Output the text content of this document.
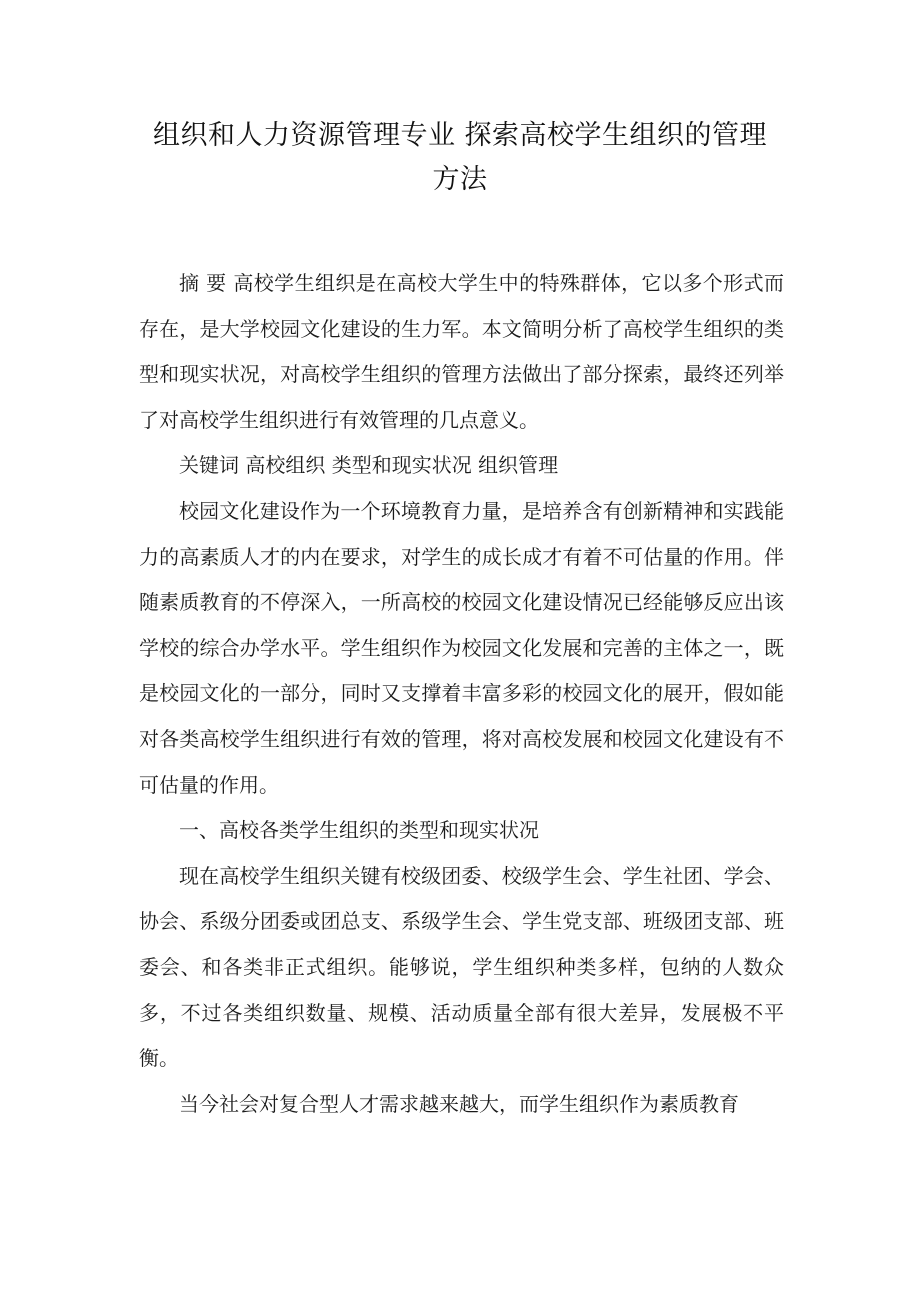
组织和人力资源管理专业 探索高校学生组织的管理
方法

摘 要 高校学生组织是在高校大学生中的特殊群体，它以多个形式而存在，是大学校园文化建设的生力军。本文简明分析了高校学生组织的类型和现实状况，对高校学生组织的管理方法做出了部分探索，最终还列举了对高校学生组织进行有效管理的几点意义。

关键词 高校组织 类型和现实状况 组织管理

校园文化建设作为一个环境教育力量，是培养含有创新精神和实践能力的高素质人才的内在要求，对学生的成长成才有着不可估量的作用。伴随素质教育的不停深入，一所高校的校园文化建设情况已经能够反应出该学校的综合办学水平。学生组织作为校园文化发展和完善的主体之一，既是校园文化的一部分，同时又支撑着丰富多彩的校园文化的展开，假如能对各类高校学生组织进行有效的管理，将对高校发展和校园文化建设有不可估量的作用。

一、高校各类学生组织的类型和现实状况

现在高校学生组织关键有校级团委、校级学生会、学生社团、学会、协会、系级分团委或团总支、系级学生会、学生党支部、班级团支部、班委会、和各类非正式组织。能够说，学生组织种类多样，包纳的人数众多，不过各类组织数量、规模、活动质量全部有很大差异，发展极不平衡。

当今社会对复合型人才需求越来越大，而学生组织作为素质教育
